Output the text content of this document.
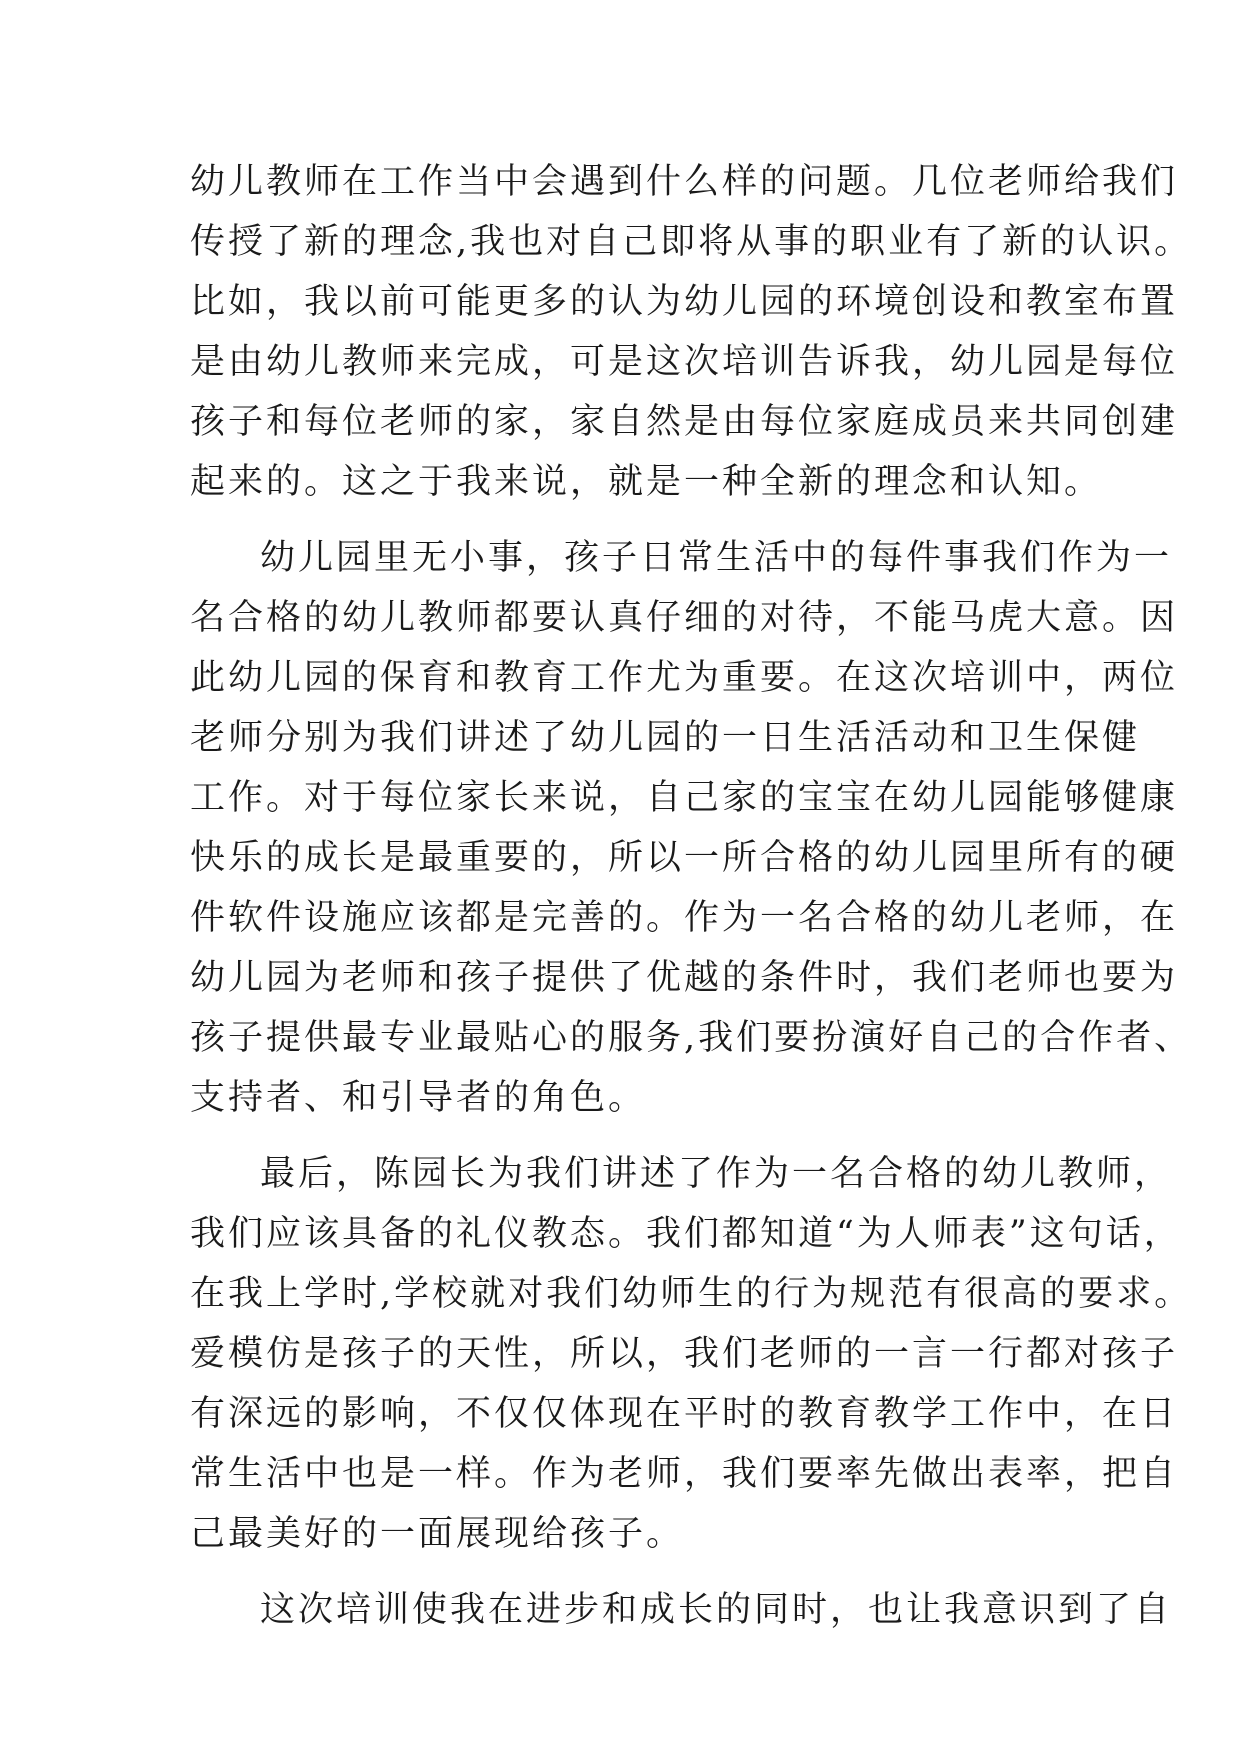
幼儿教师在工作当中会遇到什么样的问题。几位老师给我们
传授了新的理念,我也对自己即将从事的职业有了新的认识。
比如，我以前可能更多的认为幼儿园的环境创设和教室布置
是由幼儿教师来完成，可是这次培训告诉我，幼儿园是每位
孩子和每位老师的家，家自然是由每位家庭成员来共同创建
起来的。这之于我来说，就是一种全新的理念和认知。
幼儿园里无小事，孩子日常生活中的每件事我们作为一
名合格的幼儿教师都要认真仔细的对待，不能马虎大意。因
此幼儿园的保育和教育工作尤为重要。在这次培训中，两位
老师分别为我们讲述了幼儿园的一日生活活动和卫生保健
工作。对于每位家长来说，自己家的宝宝在幼儿园能够健康
快乐的成长是最重要的，所以一所合格的幼儿园里所有的硬
件软件设施应该都是完善的。作为一名合格的幼儿老师，在
幼儿园为老师和孩子提供了优越的条件时，我们老师也要为
孩子提供最专业最贴心的服务,我们要扮演好自己的合作者、
支持者、和引导者的角色。
最后，陈园长为我们讲述了作为一名合格的幼儿教师，
我们应该具备的礼仪教态。我们都知道“为人师表”这句话，
在我上学时,学校就对我们幼师生的行为规范有很高的要求。
爱模仿是孩子的天性，所以，我们老师的一言一行都对孩子
有深远的影响，不仅仅体现在平时的教育教学工作中，在日
常生活中也是一样。作为老师，我们要率先做出表率，把自
己最美好的一面展现给孩子。
这次培训使我在进步和成长的同时，也让我意识到了自
